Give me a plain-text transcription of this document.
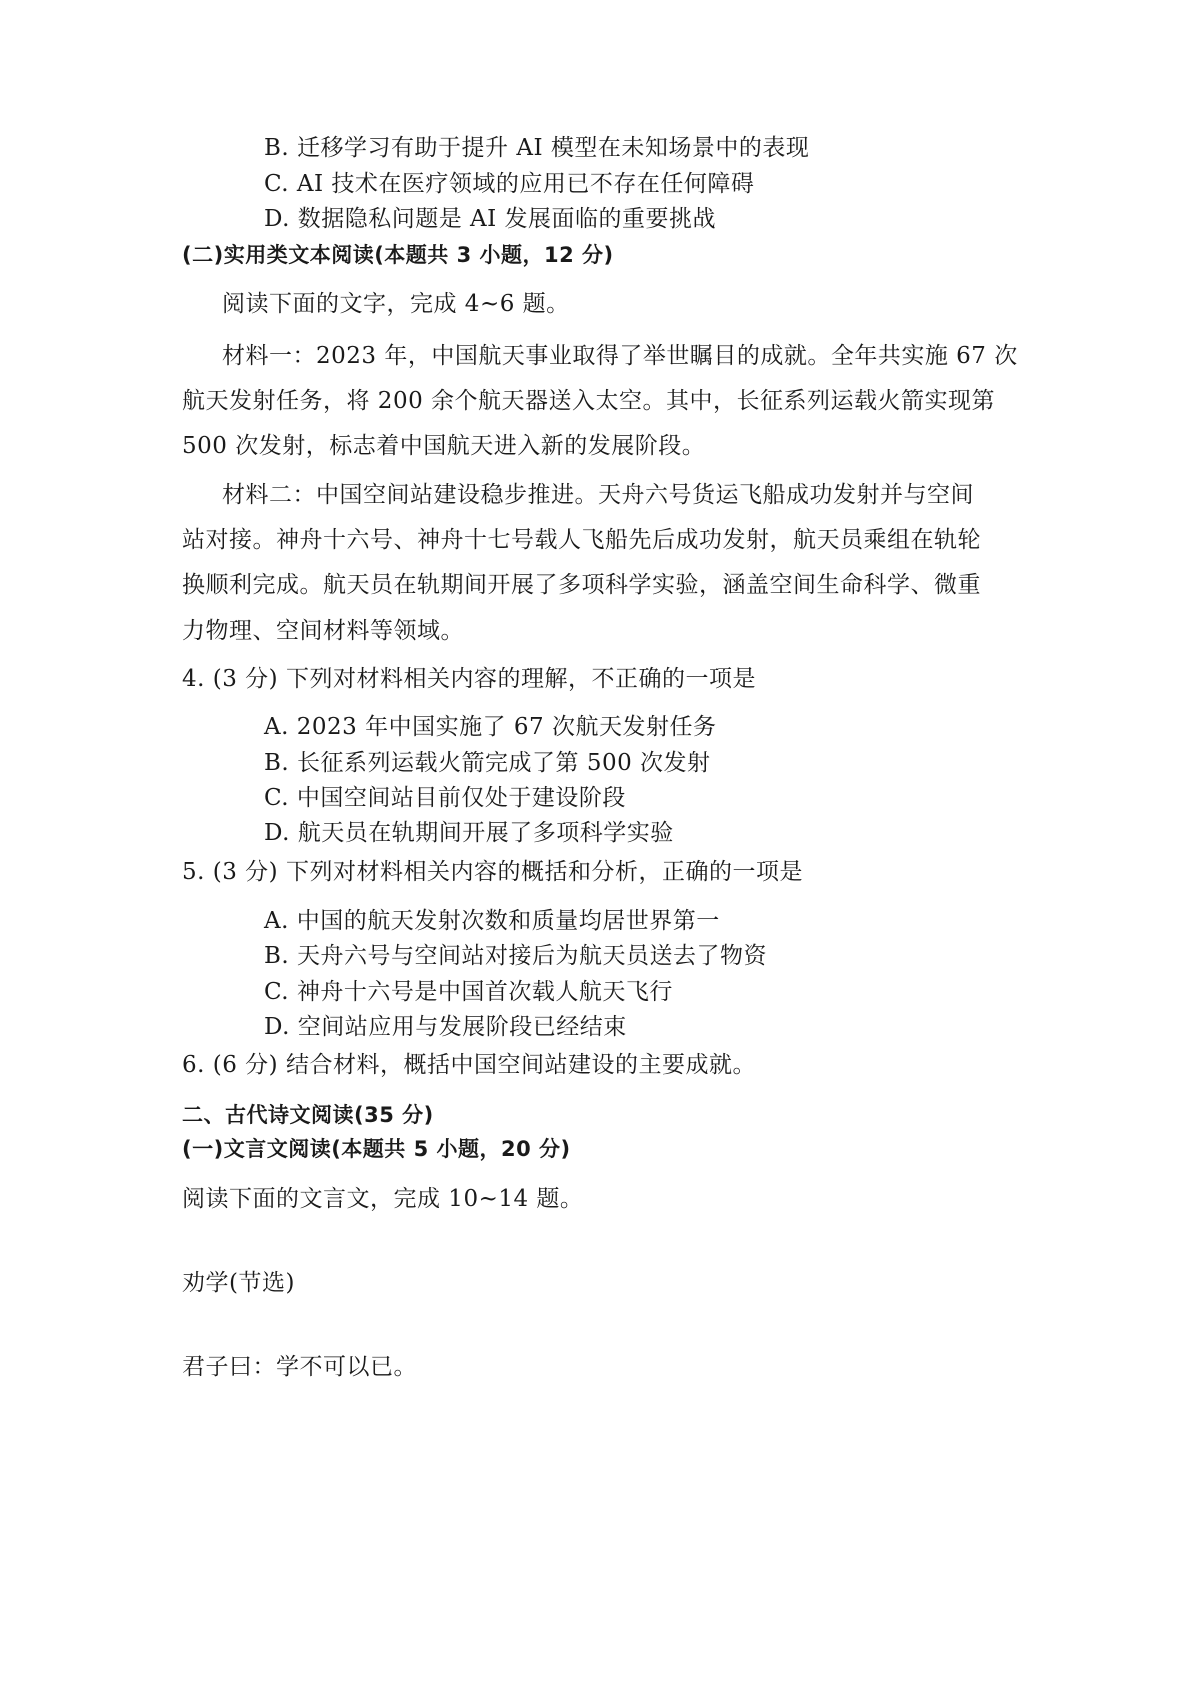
B. 迁移学习有助于提升 AI 模型在未知场景中的表现
C. AI 技术在医疗领域的应用已不存在任何障碍
D. 数据隐私问题是 AI 发展面临的重要挑战
(二)实用类文本阅读(本题共 3 小题，12 分)
阅读下面的文字，完成 4~6 题。
材料一：2023 年，中国航天事业取得了举世瞩目的成就。全年共实施 67 次
航天发射任务，将 200 余个航天器送入太空。其中，长征系列运载火箭实现第
500 次发射，标志着中国航天进入新的发展阶段。
材料二：中国空间站建设稳步推进。天舟六号货运飞船成功发射并与空间
站对接。神舟十六号、神舟十七号载人飞船先后成功发射，航天员乘组在轨轮
换顺利完成。航天员在轨期间开展了多项科学实验，涵盖空间生命科学、微重
力物理、空间材料等领域。
4. (3 分) 下列对材料相关内容的理解，不正确的一项是
A. 2023 年中国实施了 67 次航天发射任务
B. 长征系列运载火箭完成了第 500 次发射
C. 中国空间站目前仅处于建设阶段
D. 航天员在轨期间开展了多项科学实验
5. (3 分) 下列对材料相关内容的概括和分析，正确的一项是
A. 中国的航天发射次数和质量均居世界第一
B. 天舟六号与空间站对接后为航天员送去了物资
C. 神舟十六号是中国首次载人航天飞行
D. 空间站应用与发展阶段已经结束
6. (6 分) 结合材料，概括中国空间站建设的主要成就。
二、古代诗文阅读(35 分)
(一)文言文阅读(本题共 5 小题，20 分)
阅读下面的文言文，完成 10~14 题。
劝学(节选)
君子曰：学不可以已。
